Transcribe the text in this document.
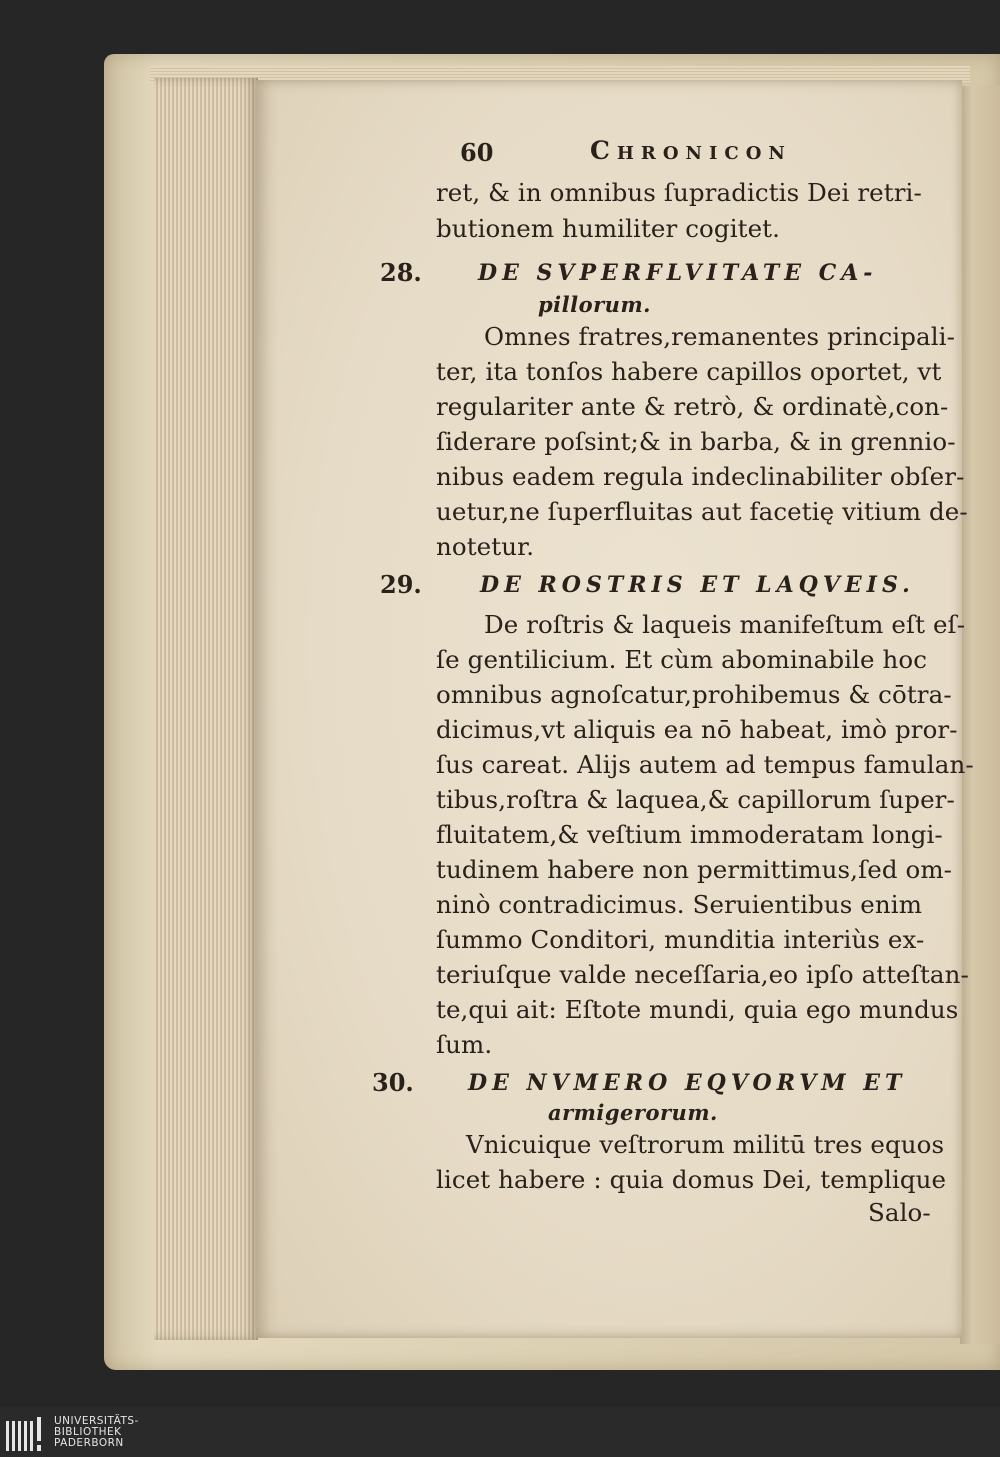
60	Chronicon
ret, & in omnibus ſupradictis Dei retri-
butionem humiliter cogitet.
28.	DE SVPERFLVITATE CA-
pillorum.
Omnes fratres,remanentes principali-
ter, ita tonſos habere capillos oportet, vt
regulariter ante & retrò, & ordinatè,con-
ſiderare poſsint;& in barba, & in grennio-
nibus eadem regula indeclinabiliter obſer-
uetur,ne ſuperfluitas aut facetię vitium de-
notetur.
29.	DE ROSTRIS ET LAQVEIS.
De roſtris & laqueis manifeſtum eſt eſ-
ſe gentilicium. Et cùm abominabile hoc
omnibus agnoſcatur,prohibemus & cōtra-
dicimus,vt aliquis ea nō habeat, imò pror-
ſus careat. Alijs autem ad tempus famulan-
tibus,roſtra & laquea,& capillorum ſuper-
fluitatem,& veſtium immoderatam longi-
tudinem habere non permittimus,ſed om-
ninò contradicimus. Seruientibus enim
ſummo Conditori, munditia interiùs ex-
teriuſque valde neceſſaria,eo ipſo atteſtan-
te,qui ait: Eſtote mundi, quia ego mundus
ſum.
30. DE NVMERO EQVORVM ET
armigerorum.
Vnicuique veſtrorum militū tres equos
licet habere : quia domus Dei, templique
Salo-
UNIVERSITÄTS-
BIBLIOTHEK
PADERBORN
